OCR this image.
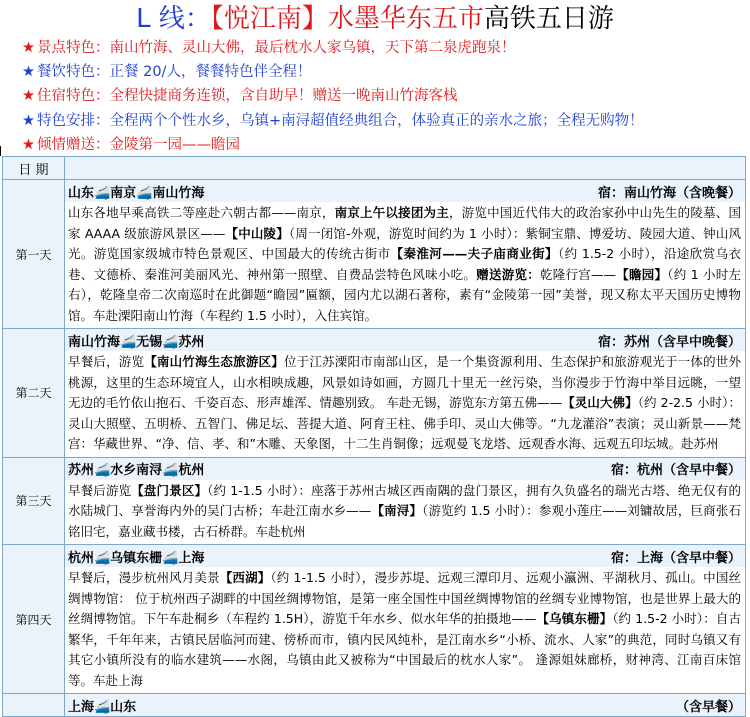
L 线：【悦江南】水墨华东五市高铁五日游
★ 景点特色：南山竹海、灵山大佛，最后枕水人家乌镇，天下第二泉虎跑泉！
★ 餐饮特色：正餐 20/人，餐餐特色伴全程！
★ 住宿特色：全程快捷商务连锁，含自助早！赠送一晚南山竹海客栈
★ 特色安排：全程两个个性水乡，乌镇+南浔超值经典组合，体验真正的亲水之旅；全程无购物！
★ 倾情赠送：金陵第一园——瞻园
日 期	
第一天	山东🚄南京🚄南山竹海 宿：南山竹海（含晚餐）
山东各地早乘高铁二等座赴六朝古都——南京，南京上午以接团为主，游览中国近代伟大的政治家孙中山先生的陵墓、国家 AAAA 级旅游风景区——【中山陵】（周一闭馆-外观，游览时间约为 1 小时）：紫铜宝鼎、博爱坊、陵园大道、钟山风光。游览国家级城市特色景观区、中国最大的传统古街市【秦淮河——夫子庙商业街】（约 1.5-2 小时），沿途欣赏乌衣巷、文德桥、秦淮河美丽风光、神州第一照壁、自费品尝特色风味小吃。赠送游览：乾隆行宫——【瞻园】（约 1 小时左右），乾隆皇帝二次南巡时在此御题“瞻园”匾额，园内尤以湖石著称，素有“金陵第一园”美誉，现又称太平天国历史博物馆。车赴溧阳南山竹海（车程约 1.5 小时），入住宾馆。

第二天	南山竹海🚄无锡🚄苏州 宿：苏州（含早中晚餐）
早餐后，游览【南山竹海生态旅游区】位于江苏溧阳市南部山区，是一个集资源利用、生态保护和旅游观光于一体的世外桃源，这里的生态环境宜人，山水相映成趣，风景如诗如画，方圆几十里无一丝污染，当你漫步于竹海中举目远眺，一望无边的毛竹依山抱石、千姿百态、形声雄浑、情趣别致。 车赴无锡，游览东方第五佛——【灵山大佛】（约 2-2.5 小时）：灵山大照壁、五明桥、五智门、佛足坛、菩提大道、阿育王柱、佛手印、灵山大佛等。“九龙灌浴”表演；灵山新景——梵宫：华藏世界、“净、信、孝、和”木雕、天象图，十二生肖铜像；远观曼飞龙塔、远观香水海、远观五印坛城。赴苏州

第三天	苏州🚄水乡南浔🚄杭州 宿：杭州（含早中餐）
早餐后游览【盘门景区】（约 1-1.5 小时）：座落于苏州古城区西南隅的盘门景区，拥有久负盛名的瑞光古塔、绝无仅有的水陆城门、享誉海内外的吴门古桥；车赴江南水乡——【南浔】（游览约 1.5 小时）：参观小莲庄——刘镛故居，巨商张石铭旧宅，嘉业藏书楼，古石桥群。车赴杭州

第四天	杭州🚄乌镇东栅🚄上海 宿：上海（含早中餐）
早餐后，漫步杭州风月美景【西湖】（约 1-1.5 小时），漫步苏堤、远观三潭印月、远观小瀛洲、平湖秋月、孤山。中国丝绸博物馆： 位于杭州西子湖畔的中国丝绸博物馆，是第一座全国性中国丝绸博物馆的丝绸专业博物馆，也是世界上最大的丝绸博物馆。下午车赴桐乡（车程约 1.5H），游览千年水乡、似水年华的拍摄地——【乌镇东栅】（约 1.5-2 小时）：自古繁华，千年年来，古镇民居临河而建、傍桥而市，镇内民风纯朴，是江南水乡“小桥、流水、人家”的典范，同时乌镇又有其它小镇所没有的临水建筑——水阁，乌镇由此又被称为“中国最后的枕水人家”。 逢源姐妹廊桥，财神湾、江南百床馆等。车赴上海

	上海🚄山东 （含早餐）
